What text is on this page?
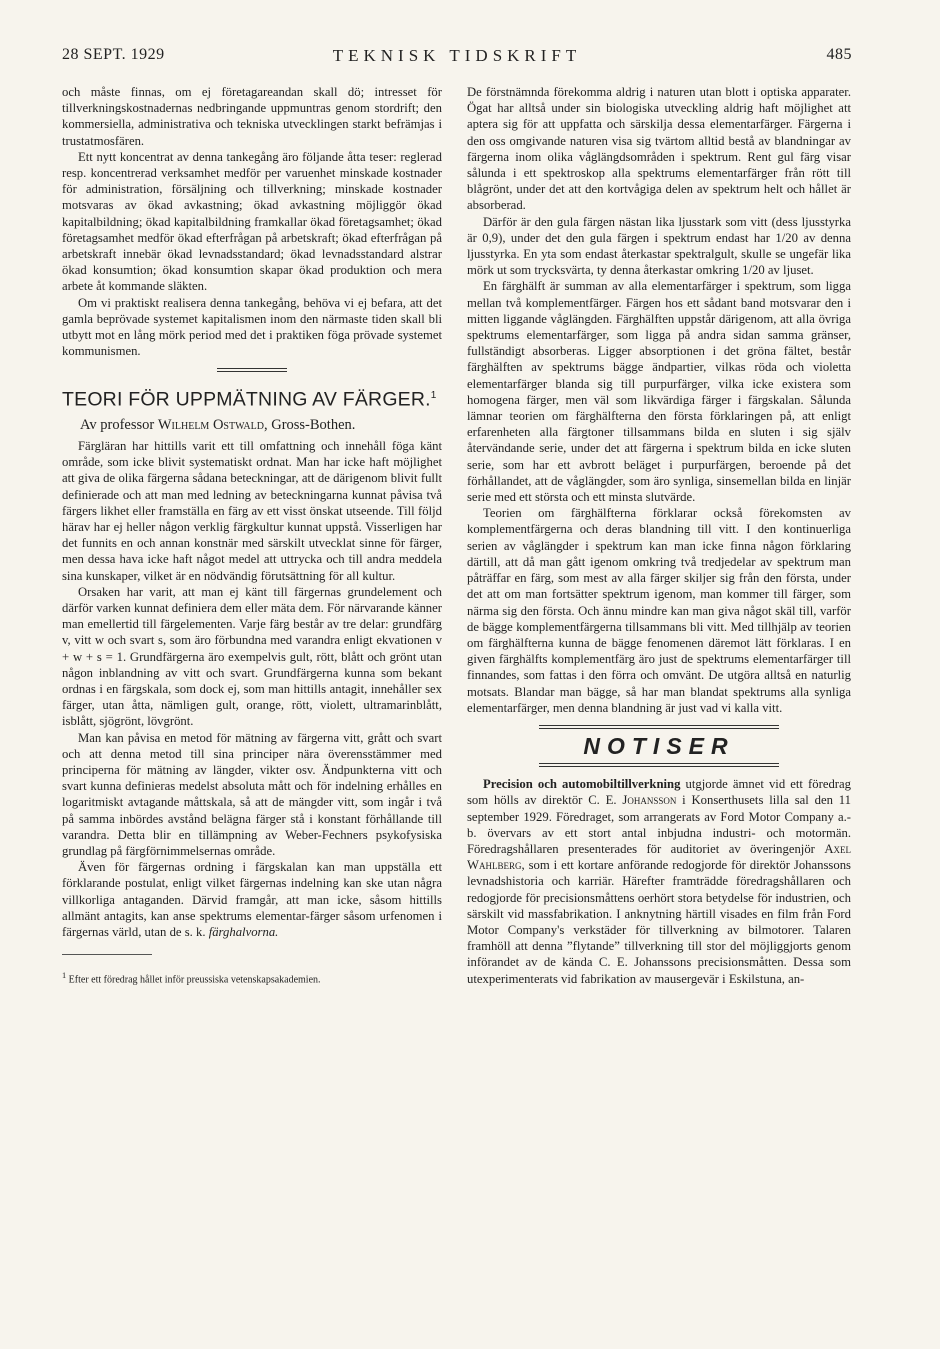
28 SEPT. 1929	TEKNISK TIDSKRIFT	485

och måste finnas, om ej företagareandan skall dö; intresset för tillverkningskostnadernas nedbringande uppmuntras genom stordrift; den kommersiella, administrativa och tekniska utvecklingen starkt befrämjas i trustatmosfären.

Ett nytt koncentrat av denna tankegång äro följande åtta teser: reglerad resp. koncentrerad verksamhet medför per varuenhet minskade kostnader för administration, försäljning och tillverkning; minskade kostnader motsvaras av ökad avkastning; ökad avkastning möjliggör ökad kapitalbildning; ökad kapitalbildning framkallar ökad företagsamhet; ökad företagsamhet medför ökad efterfrågan på arbetskraft; ökad efterfrågan på arbetskraft innebär ökad levnadsstandard; ökad levnadsstandard alstrar ökad konsumtion; ökad konsumtion skapar ökad produktion och mera arbete åt kommande släkten.

Om vi praktiskt realisera denna tankegång, behöva vi ej befara, att det gamla beprövade systemet kapitalismen inom den närmaste tiden skall bli utbytt mot en lång mörk period med det i praktiken föga prövade systemet kommunismen.

TEORI FÖR UPPMÄTNING AV FÄRGER.$^1$
Av professor Wilhelm Ostwald, Gross-Bothen.

Färgläran har hittills varit ett till omfattning och innehåll föga känt område, som icke blivit systematiskt ordnat. Man har icke haft möjlighet att giva de olika färgerna sådana beteckningar, att de därigenom blivit fullt definierade och att man med ledning av beteckningarna kunnat påvisa två färgers likhet eller framställa en färg av ett visst önskat utseende. Till följd härav har ej heller någon verklig färgkultur kunnat uppstå. Visserligen har det funnits en och annan konstnär med särskilt utvecklat sinne för färger, men dessa hava icke haft något medel att uttrycka och till andra meddela sina kunskaper, vilket är en nödvändig förutsättning för all kultur.

Orsaken har varit, att man ej känt till färgernas grundelement och därför varken kunnat definiera dem eller mäta dem. För närvarande känner man emellertid till färgelementen. Varje färg består av tre delar: grundfärg v, vitt w och svart s, som äro förbundna med varandra enligt ekvationen v + w + s = 1. Grundfärgerna äro exempelvis gult, rött, blått och grönt utan någon inblandning av vitt och svart. Grundfärgerna kunna som bekant ordnas i en färgskala, som dock ej, som man hittills antagit, innehåller sex färger, utan åtta, nämligen gult, orange, rött, violett, ultramarinblått, isblått, sjögrönt, lövgrönt.

Man kan påvisa en metod för mätning av färgerna vitt, grått och svart och att denna metod till sina principer nära överensstämmer med principerna för mätning av längder, vikter osv. Ändpunkterna vitt och svart kunna definieras medelst absoluta mått och för indelning erhålles en logaritmiskt avtagande måttskala, så att de mängder vitt, som ingår i två på samma inbördes avstånd belägna färger stå i konstant förhållande till varandra. Detta blir en tillämpning av Weber-Fechners psykofysiska grundlag på färgförnimmelsernas område.

Även för färgernas ordning i färgskalan kan man uppställa ett förklarande postulat, enligt vilket färgernas indelning kan ske utan några villkorliga antaganden. Därvid framgår, att man icke, såsom hittills allmänt antagits, kan anse spektrums elementar-färger såsom urfenomen i färgernas värld, utan de s. k. färghalvorna.

$^1$ Efter ett föredrag hållet inför preussiska vetenskapsakademien.

De förstnämnda förekomma aldrig i naturen utan blott i optiska apparater. Ögat har alltså under sin biologiska utveckling aldrig haft möjlighet att aptera sig för att uppfatta och särskilja dessa elementarfärger. Färgerna i den oss omgivande naturen visa sig tvärtom alltid bestå av blandningar av färgerna inom olika våglängdsområden i spektrum. Rent gul färg visar sålunda i ett spektroskop alla spektrums elementarfärger från rött till blågrönt, under det att den kortvågiga delen av spektrum helt och hållet är absorberad.

Därför är den gula färgen nästan lika ljusstark som vitt (dess ljusstyrka är 0,9), under det den gula färgen i spektrum endast har 1/20 av denna ljusstyrka. En yta som endast återkastar spektralgult, skulle se ungefär lika mörk ut som trycksvärta, ty denna återkastar omkring 1/20 av ljuset.

En färghälft är summan av alla elementarfärger i spektrum, som ligga mellan två komplementfärger. Färgen hos ett sådant band motsvarar den i mitten liggande våglängden. Färghälften uppstår därigenom, att alla övriga spektrums elementarfärger, som ligga på andra sidan samma gränser, fullständigt absorberas. Ligger absorptionen i det gröna fältet, består färghälften av spektrums bägge ändpartier, vilkas röda och violetta elementarfärger blanda sig till purpurfärger, vilka icke existera som homogena färger, men väl som likvärdiga färger i färgskalan. Sålunda lämnar teorien om färghälfterna den första förklaringen på, att enligt erfarenheten alla färgtoner tillsammans bilda en sluten i sig själv återvändande serie, under det att färgerna i spektrum bilda en icke sluten serie, som har ett avbrott beläget i purpurfärgen, beroende på det förhållandet, att de våglängder, som äro synliga, sinsemellan bilda en linjär serie med ett största och ett minsta slutvärde.

Teorien om färghälfterna förklarar också förekomsten av komplementfärgerna och deras blandning till vitt. I den kontinuerliga serien av våglängder i spektrum kan man icke finna någon förklaring därtill, att då man gått igenom omkring två tredjedelar av spektrum man påträffar en färg, som mest av alla färger skiljer sig från den första, under det att om man fortsätter spektrum igenom, man kommer till färger, som närma sig den första. Och ännu mindre kan man giva något skäl till, varför de bägge komplementfärgerna tillsammans bli vitt. Med tillhjälp av teorien om färghälfterna kunna de bägge fenomenen däremot lätt förklaras. I en given färghälfts komplementfärg äro just de spektrums elementarfärger till finnandes, som fattas i den förra och omvänt. De utgöra alltså en naturlig motsats. Blandar man bägge, så har man blandat spektrums alla synliga elementarfärger, men denna blandning är just vad vi kalla vitt.

NOTISER

Precision och automobiltillverkning utgjorde ämnet vid ett föredrag som hölls av direktör C. E. Johansson i Konserthusets lilla sal den 11 september 1929. Föredraget, som arrangerats av Ford Motor Company a.-b. övervars av ett stort antal inbjudna industri- och motormän. Föredragshållaren presenterades för auditoriet av överingenjör Axel Wahlberg, som i ett kortare anförande redogjorde för direktör Johanssons levnadshistoria och karriär. Härefter framträdde föredragshållaren och redogjorde för precisionsmåttens oerhört stora betydelse för industrien, och särskilt vid massfabrikation. I anknytning härtill visades en film från Ford Motor Company's verkstäder för tillverkning av bilmotorer. Talaren framhöll att denna ”flytande” tillverkning till stor del möjliggjorts genom införandet av de kända C. E. Johanssons precisionsmåtten. Dessa som utexperimenterats vid fabrikation av mausergevär i Eskilstuna, an-
